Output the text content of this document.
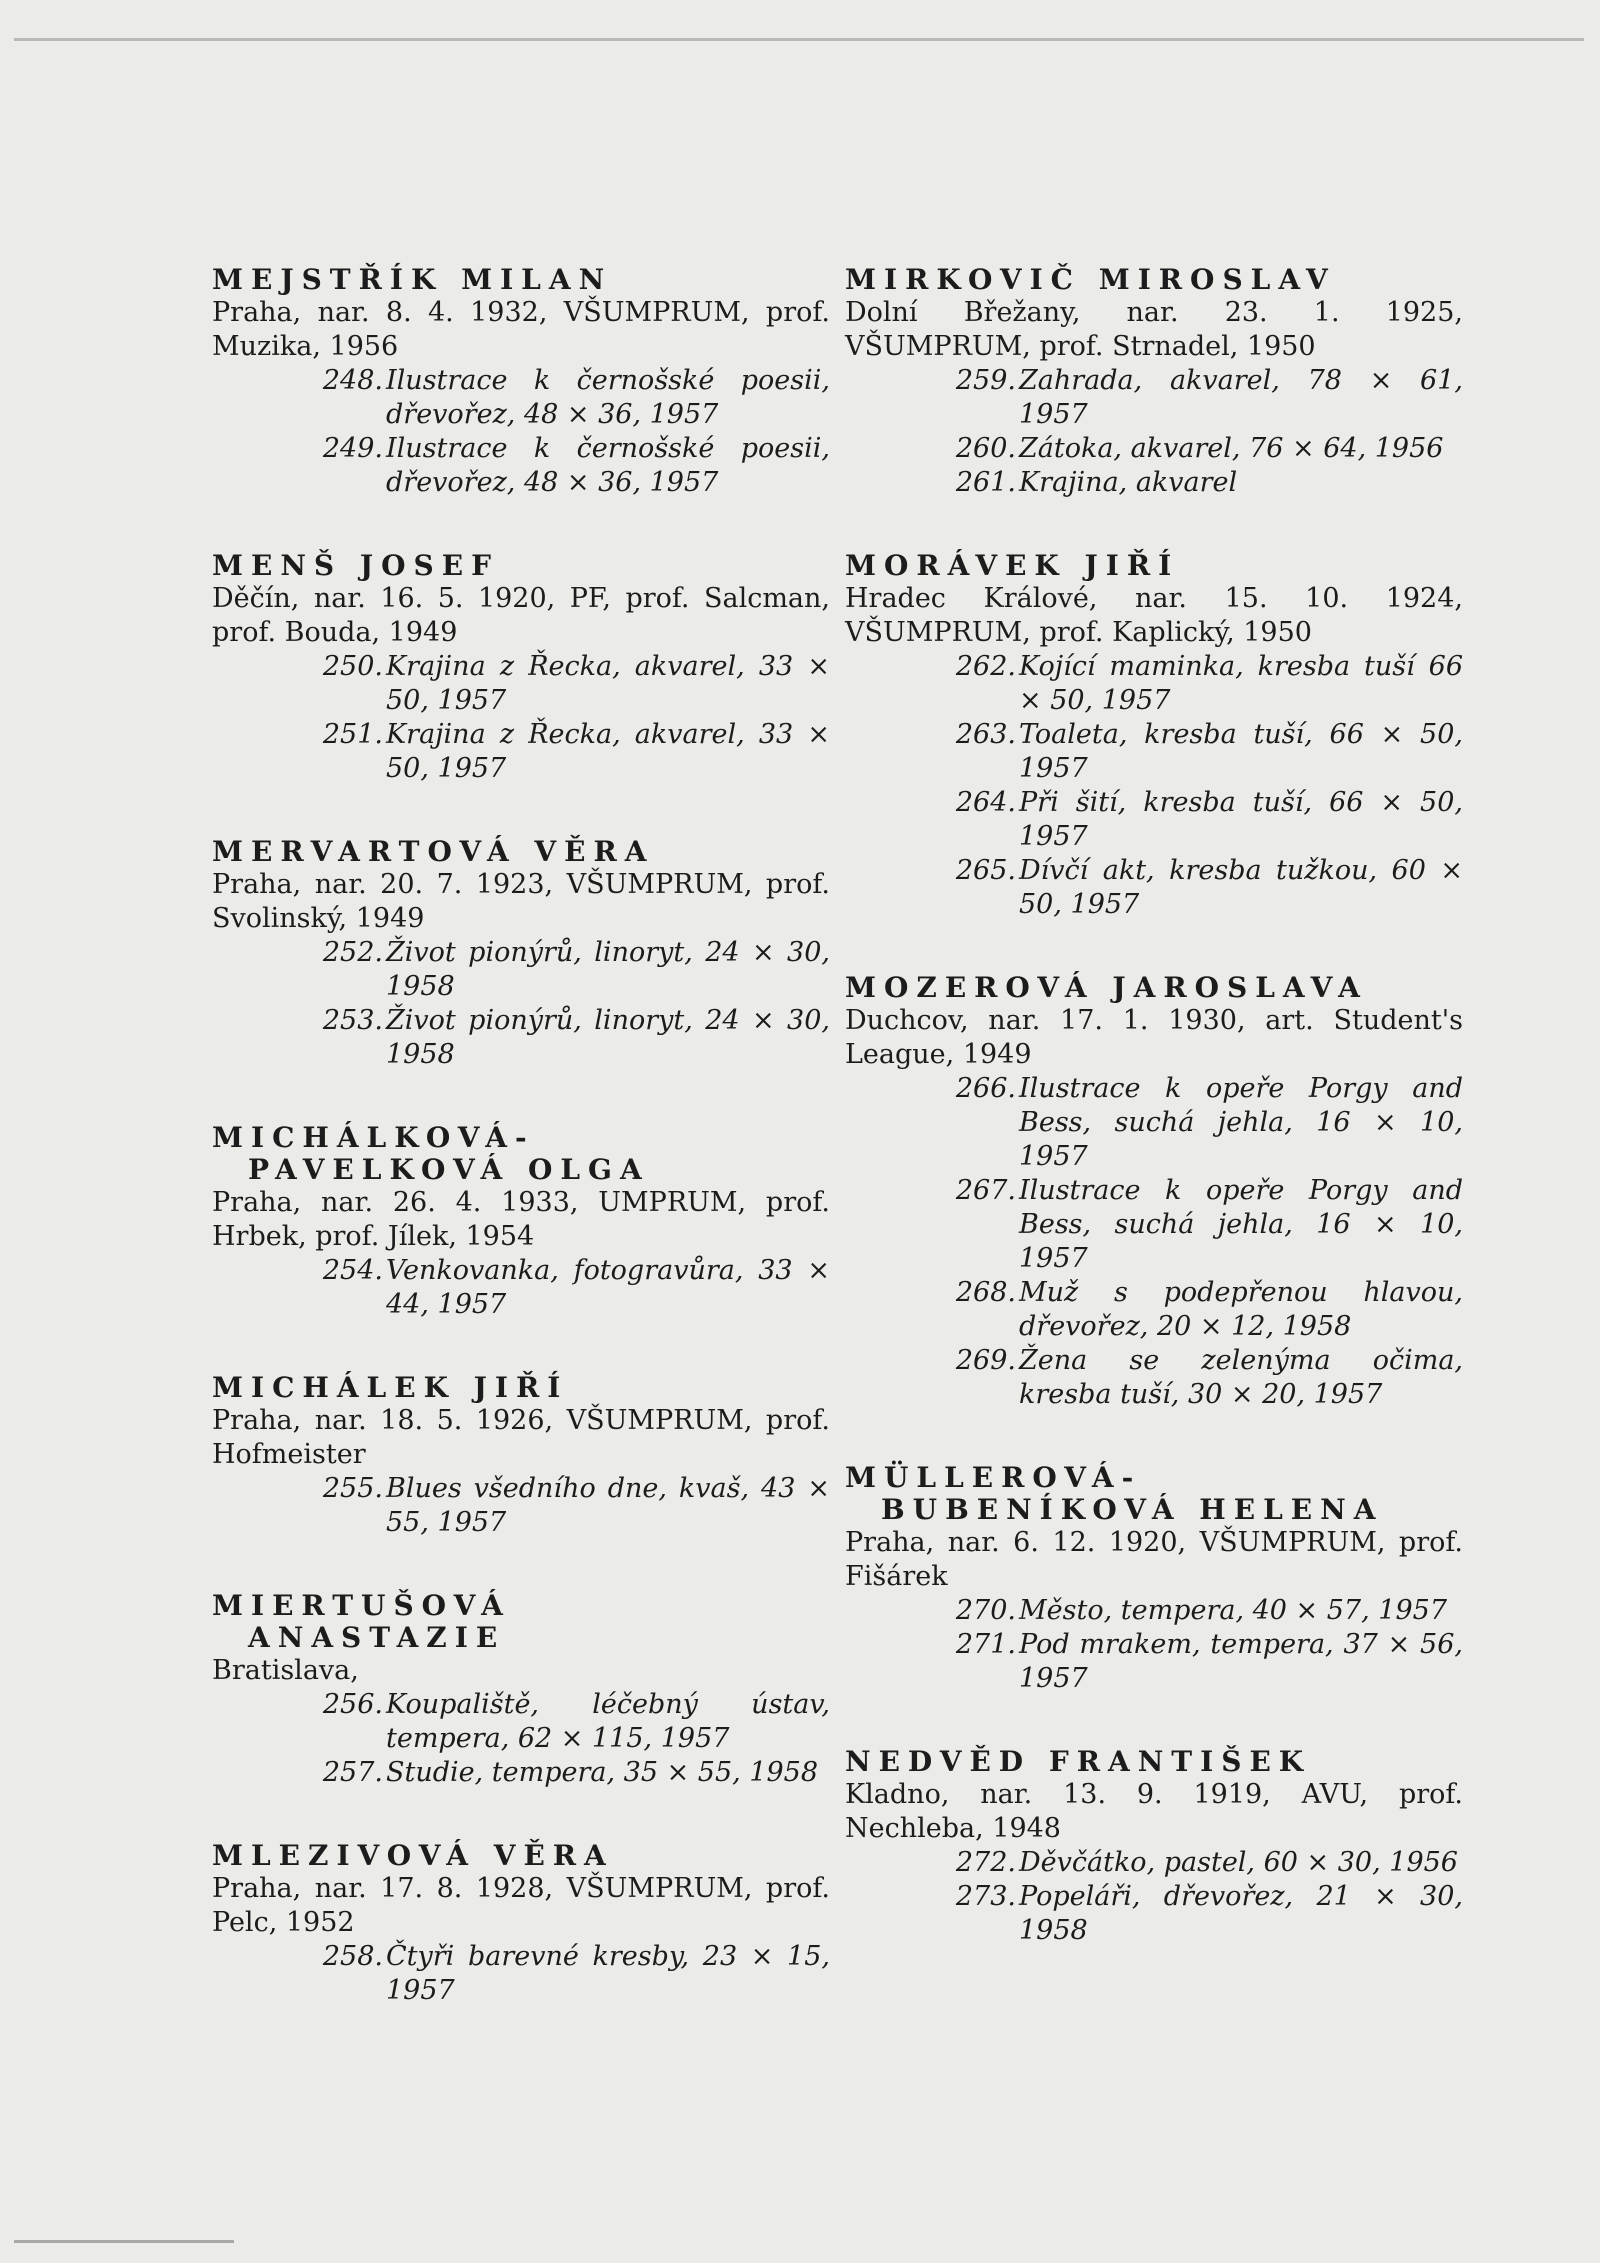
MEJSTŘÍK MILAN
Praha, nar. 8. 4. 1932, VŠUMPRUM, prof. Muzika, 1956
248 . Ilustrace k černošské poesii, dřevořez, 48 × 36, 1957
249 . Ilustrace k černošské poesii, dřevořez, 48 × 36, 1957
MENŠ JOSEF
Děčín, nar. 16. 5. 1920, PF, prof. Salcman, prof. Bouda, 1949
250 . Krajina z Řecka, akvarel, 33 × 50, 1957
251 . Krajina z Řecka, akvarel, 33 × 50, 1957
MERVARTOVÁ VĚRA
Praha, nar. 20. 7. 1923, VŠUMPRUM, prof. Svolinský, 1949
252 . Život pionýrů, linoryt, 24 × 30, 1958
253 . Život pionýrů, linoryt, 24 × 30, 1958
MICHÁLKOVÁ-
PAVELKOVÁ OLGA
Praha, nar. 26. 4. 1933, UMPRUM, prof. Hrbek, prof. Jílek, 1954
254 . Venkovanka, fotogravůra, 33 × 44, 1957
MICHÁLEK JIŘÍ
Praha, nar. 18. 5. 1926, VŠUMPRUM, prof. Hofmeister
255 . Blues všedního dne, kvaš, 43 × 55, 1957
MIERTUŠOVÁ
ANASTAZIE
Bratislava,
256 . Koupaliště, léčebný ústav, tempera, 62 × 115, 1957
257 . Studie, tempera, 35 × 55, 1958
MLEZIVOVÁ VĚRA
Praha, nar. 17. 8. 1928, VŠUMPRUM, prof. Pelc, 1952
258 . Čtyři barevné kresby, 23 × 15, 1957
MIRKOVIČ MIROSLAV
Dolní Břežany, nar. 23. 1. 1925, VŠUMPRUM, prof. Strnadel, 1950
259 . Zahrada, akvarel, 78 × 61, 1957
260 . Zátoka, akvarel, 76 × 64, 1956
261 . Krajina, akvarel
MORÁVEK JIŘÍ
Hradec Králové, nar. 15. 10. 1924, VŠUMPRUM, prof. Kaplický, 1950
262 . Kojící maminka, kresba tuší 66 × 50, 1957
263 . Toaleta, kresba tuší, 66 × 50, 1957
264 . Při šití, kresba tuší, 66 × 50, 1957
265 . Dívčí akt, kresba tužkou, 60 × 50, 1957
MOZEROVÁ JAROSLAVA
Duchcov, nar. 17. 1. 1930, art. Student's League, 1949
266 . Ilustrace k opeře Porgy and Bess, suchá jehla, 16 × 10, 1957
267 . Ilustrace k opeře Porgy and Bess, suchá jehla, 16 × 10, 1957
268 . Muž s podepřenou hlavou, dřevořez, 20 × 12, 1958
269 . Žena se zelenýma očima, kresba tuší, 30 × 20, 1957
MÜLLEROVÁ-
BUBENÍKOVÁ HELENA
Praha, nar. 6. 12. 1920, VŠUMPRUM, prof. Fišárek
270 . Město, tempera, 40 × 57, 1957
271 . Pod mrakem, tempera, 37 × 56, 1957
NEDVĚD FRANTIŠEK
Kladno, nar. 13. 9. 1919, AVU, prof. Nechleba, 1948
272 . Děvčátko, pastel, 60 × 30, 1956
273 . Popeláři, dřevořez, 21 × 30, 1958
